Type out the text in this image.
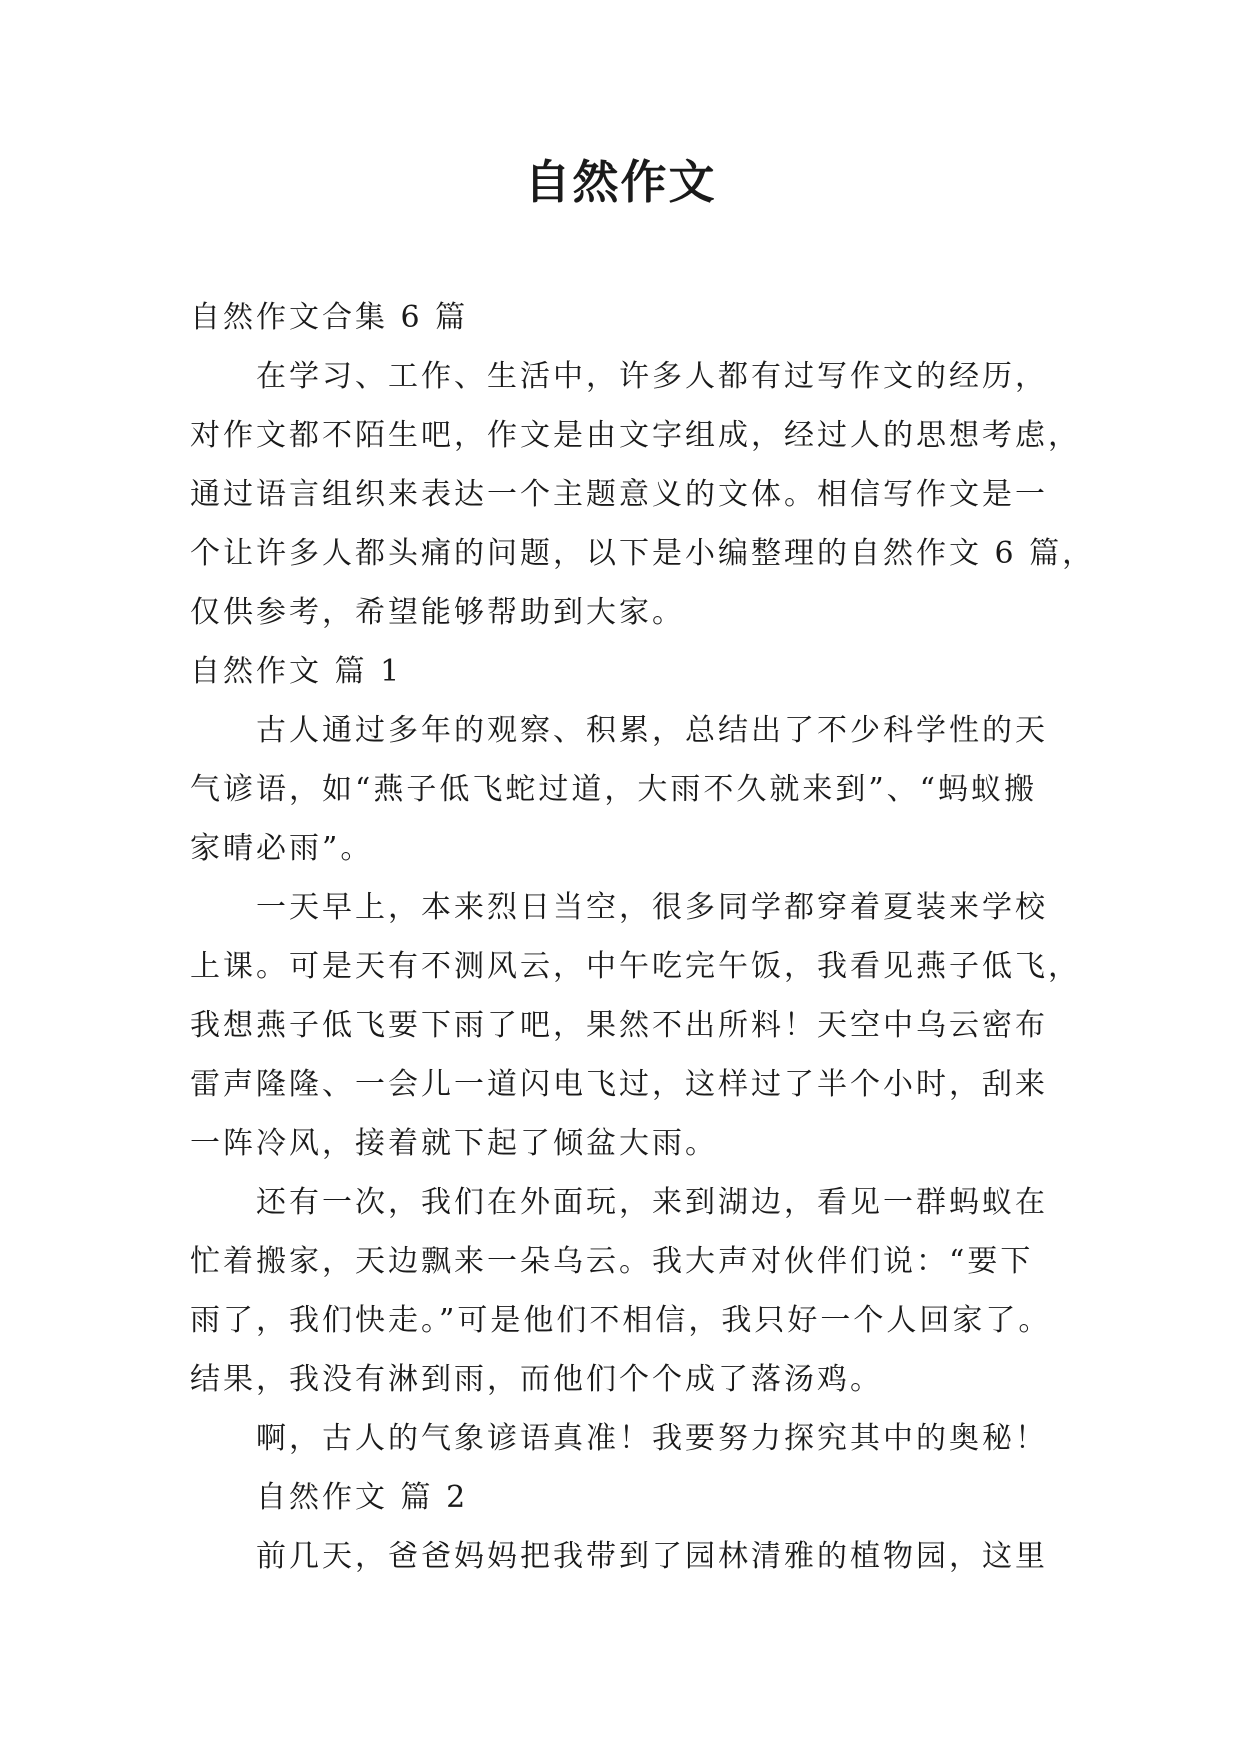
自然作文
自然作文合集 6 篇
在学习、工作、生活中，许多人都有过写作文的经历，
对作文都不陌生吧，作文是由文字组成，经过人的思想考虑，
通过语言组织来表达一个主题意义的文体。相信写作文是一
个让许多人都头痛的问题，以下是小编整理的自然作文 6 篇，
仅供参考，希望能够帮助到大家。
自然作文 篇 1
古人通过多年的观察、积累，总结出了不少科学性的天
气谚语，如“燕子低飞蛇过道，大雨不久就来到”、“蚂蚁搬
家晴必雨”。
一天早上，本来烈日当空，很多同学都穿着夏装来学校
上课。可是天有不测风云，中午吃完午饭，我看见燕子低飞，
我想燕子低飞要下雨了吧，果然不出所料！天空中乌云密布
雷声隆隆、一会儿一道闪电飞过，这样过了半个小时，刮来
一阵冷风，接着就下起了倾盆大雨。
还有一次，我们在外面玩，来到湖边，看见一群蚂蚁在
忙着搬家，天边飘来一朵乌云。我大声对伙伴们说：“要下
雨了，我们快走。”可是他们不相信，我只好一个人回家了。
结果，我没有淋到雨，而他们个个成了落汤鸡。
啊，古人的气象谚语真准！我要努力探究其中的奥秘！
自然作文 篇 2
前几天，爸爸妈妈把我带到了园林清雅的植物园，这里
